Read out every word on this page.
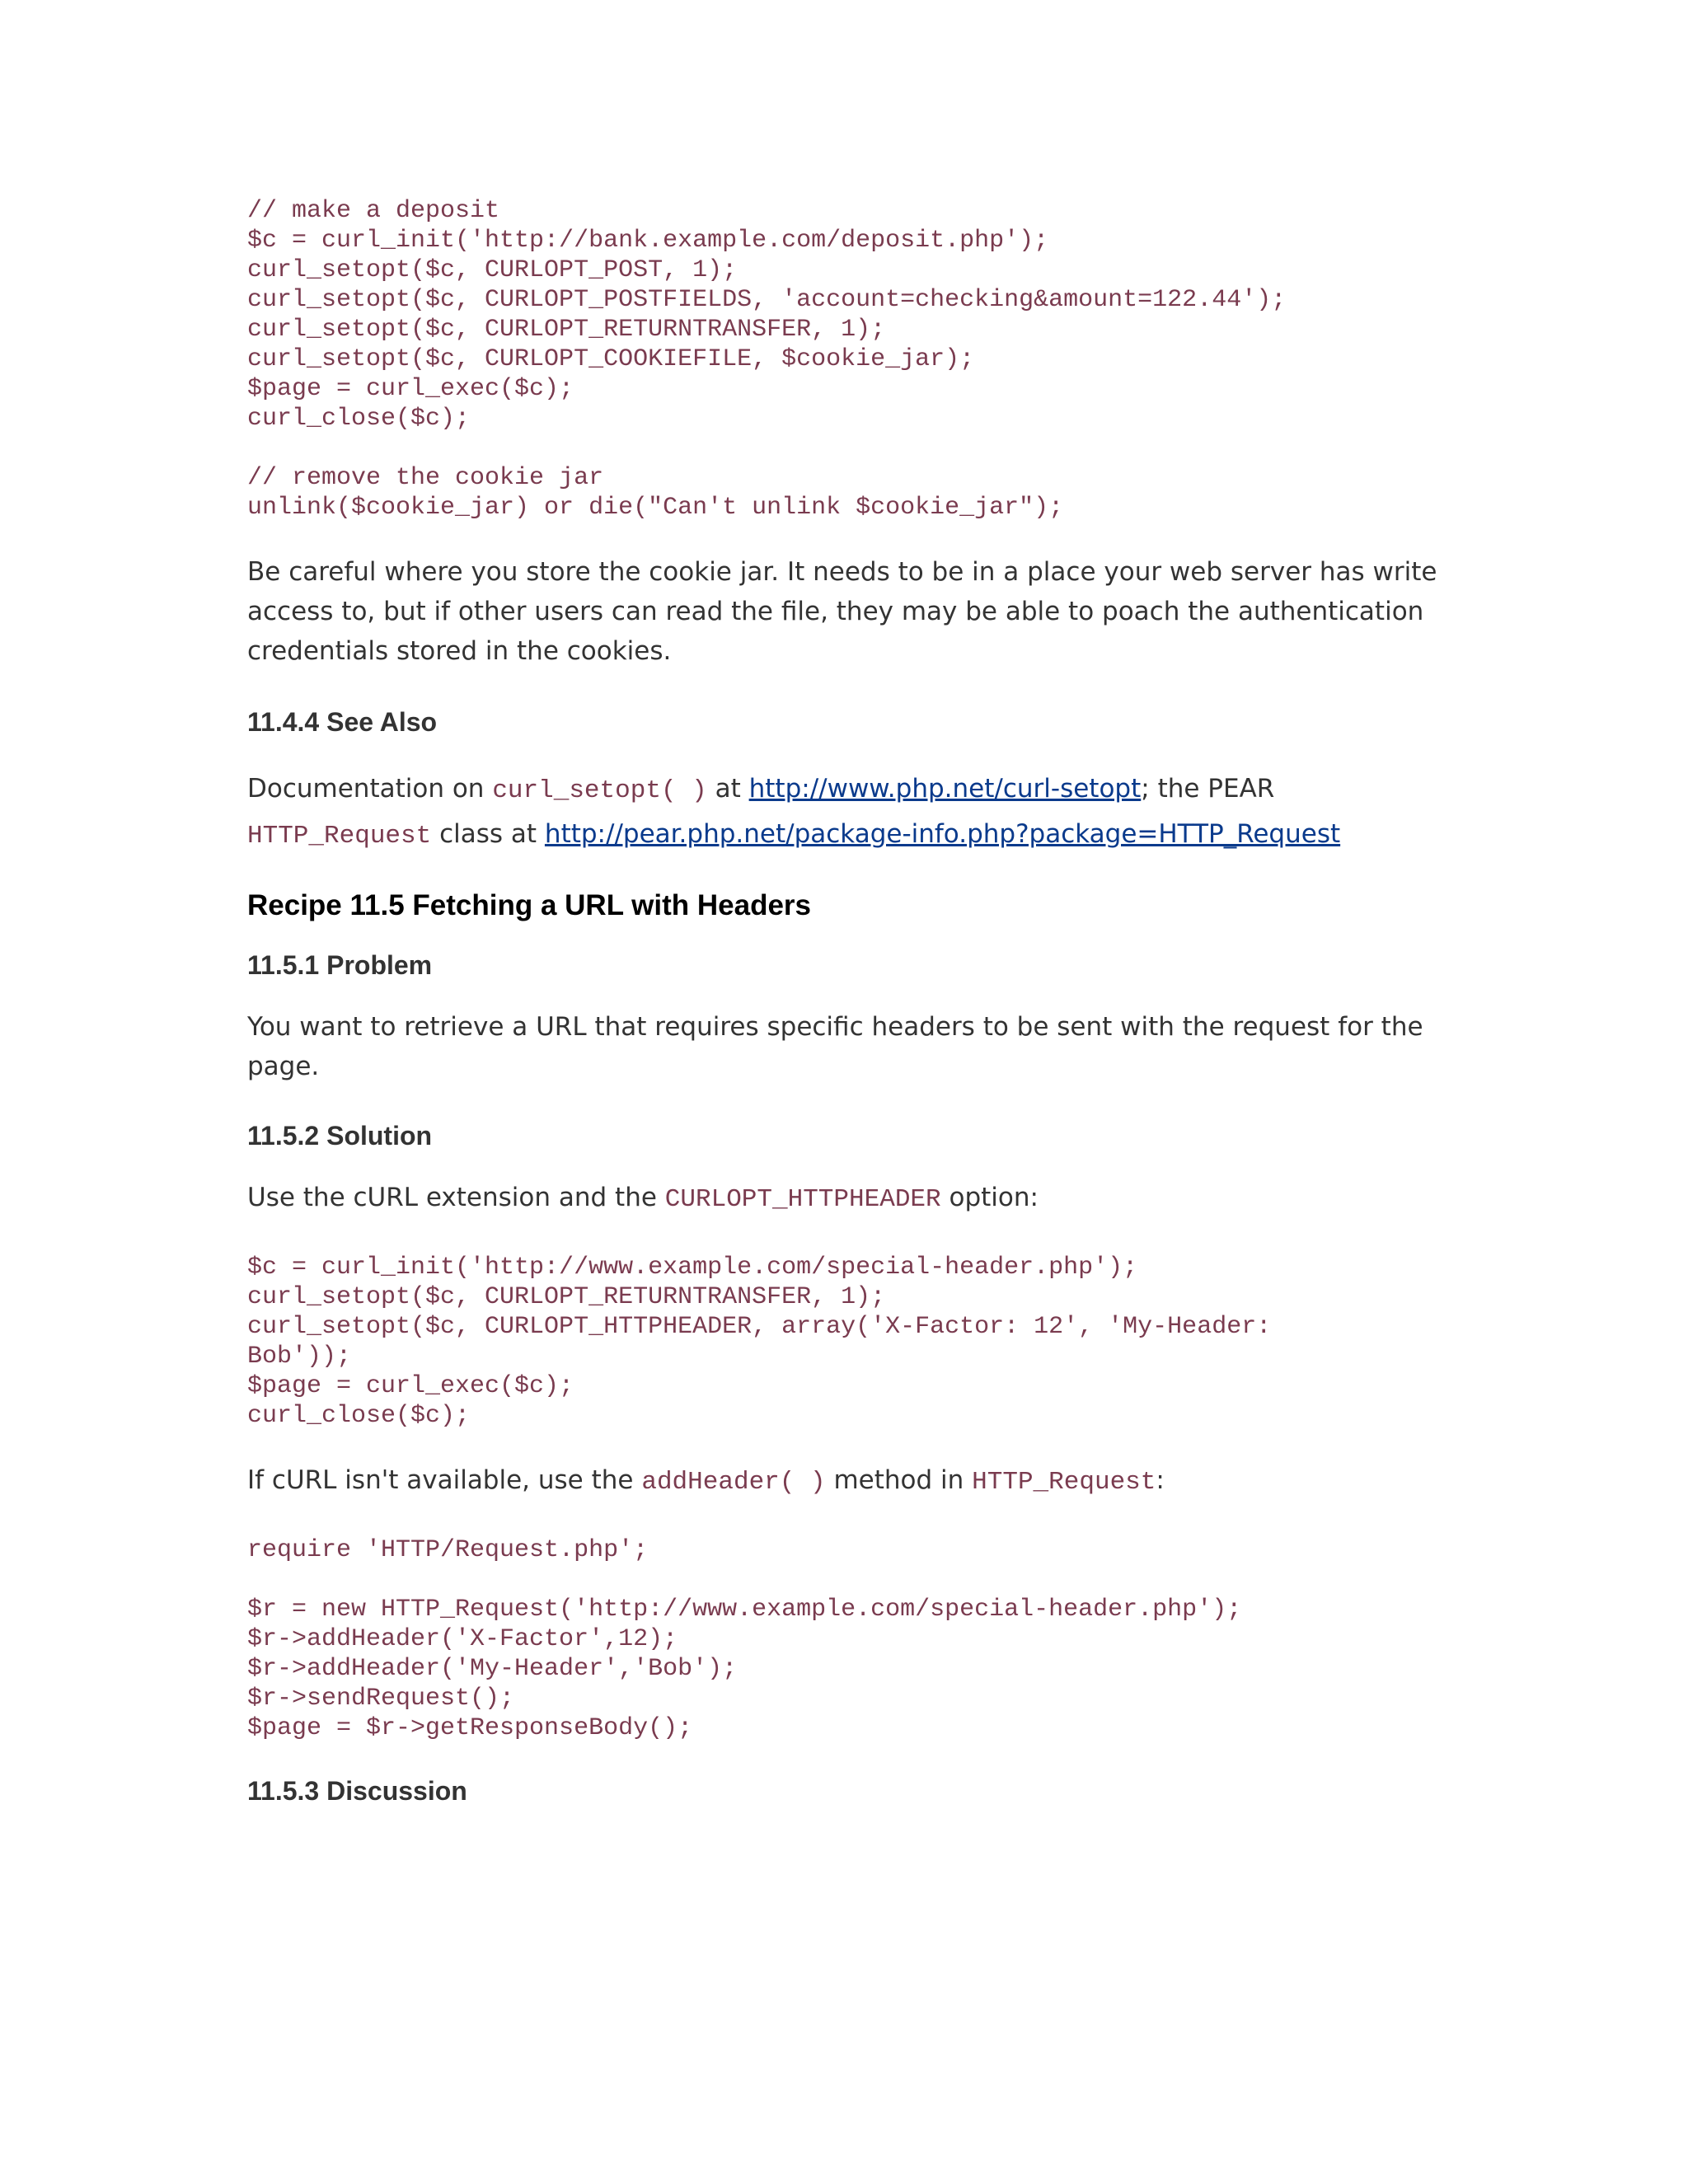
// make a deposit
$c = curl_init('http://bank.example.com/deposit.php');
curl_setopt($c, CURLOPT_POST, 1);
curl_setopt($c, CURLOPT_POSTFIELDS, 'account=checking&amount=122.44');
curl_setopt($c, CURLOPT_RETURNTRANSFER, 1);
curl_setopt($c, CURLOPT_COOKIEFILE, $cookie_jar);
$page = curl_exec($c);
curl_close($c);
// remove the cookie jar
unlink($cookie_jar) or die("Can't unlink $cookie_jar");

Be careful where you store the cookie jar. It needs to be in a place your web server has write access to, but if other users can read the file, they may be able to poach the authentication credentials stored in the cookies.

11.4.4 See Also

Documentation on curl_setopt( ) at http://www.php.net/curl-setopt; the PEAR
HTTP_Request class at http://pear.php.net/package-info.php?package=HTTP_Request

Recipe 11.5 Fetching a URL with Headers
11.5.1 Problem

You want to retrieve a URL that requires specific headers to be sent with the request for the page.

11.5.2 Solution

Use the cURL extension and the CURLOPT_HTTPHEADER option:

$c = curl_init('http://www.example.com/special-header.php');
curl_setopt($c, CURLOPT_RETURNTRANSFER, 1);
curl_setopt($c, CURLOPT_HTTPHEADER, array('X-Factor: 12', 'My-Header:
Bob'));
$page = curl_exec($c);
curl_close($c);

If cURL isn't available, use the addHeader( ) method in HTTP_Request:

require 'HTTP/Request.php';
$r = new HTTP_Request('http://www.example.com/special-header.php');
$r->addHeader('X-Factor',12);
$r->addHeader('My-Header','Bob');
$r->sendRequest();
$page = $r->getResponseBody();
11.5.3 Discussion
